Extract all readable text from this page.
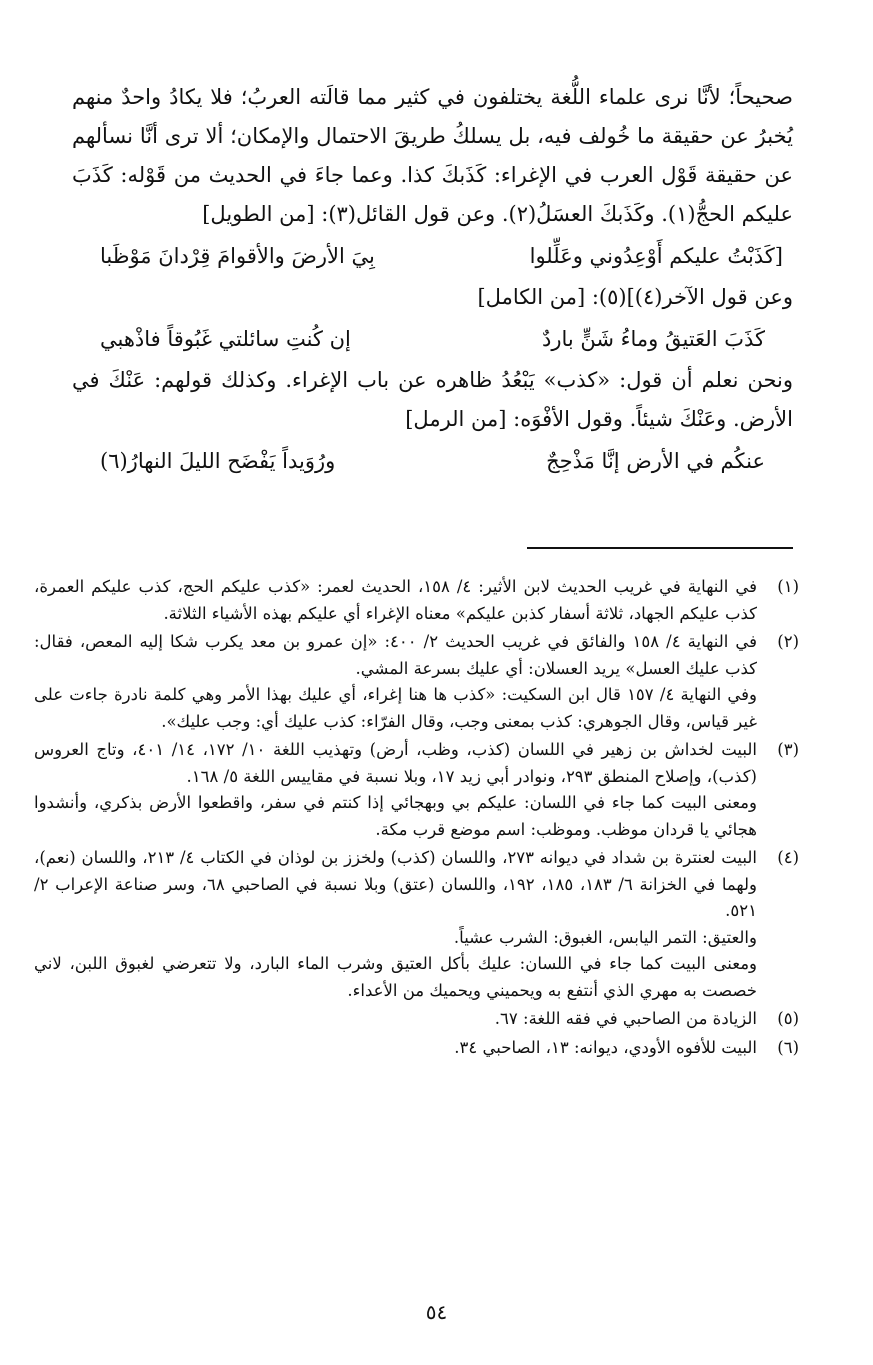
صحيحاً؛ لأنَّا نرى علماء اللُّغة يختلفون في كثير مما قالَته العربُ؛ فلا يكادُ واحدٌ منهم يُخبرُ عن حقيقة ما خُولف فيه، بل يسلكُ طريقَ الاحتمال والإمكان؛ ألا ترى أنَّا نسألهم عن حقيقة قَوْل العرب في الإغراء: كَذَبكَ كذا. وعما جاءَ في الحديث من قَوْله: كَذَبَ عليكم الحجُّ(١). وكَذَبكَ العسَلُ(٢). وعن قول القائل(٣): [من الطويل]

[كَذَبْتُ عليكم أَوْعِدُوني وعَلِّلوا
بِيَ الأرضَ والأقوامَ قِرْدانَ مَوْظَبا

وعن قول الآخر(٤)](٥): [من الكامل]

كَذَبَ العَتيقُ وماءُ شَنٍّ باردٌ
إن كُنتِ سائلتي غَبُوقاً فاذْهبي

ونحن نعلم أن قول: «كذب» يَبْعُدُ ظاهره عن باب الإغراء. وكذلك قولهم: عَنْكَ في الأرض. وعَنْكَ شيئاً. وقول الأفْوَه: [من الرمل]

عنكُم في الأرض إنَّا مَذْحِجٌ
ورُوَيداً يَفْضَح الليلَ النهارُ(٦)
(١)

في النهاية في غريب الحديث لابن الأثير: ٤/ ١٥٨، الحديث لعمر: «كذب عليكم الحج، كذب عليكم العمرة، كذب عليكم الجهاد، ثلاثة أسفار كذبن عليكم» معناه الإغراء أي عليكم بهذه الأشياء الثلاثة.

(٢)

في النهاية ٤/ ١٥٨ والفائق في غريب الحديث ٢/ ٤٠٠: «إن عمرو بن معد يكرب شكا إليه المعص، فقال: كذب عليك العسل» يريد العسلان: أي عليك بسرعة المشي.

وفي النهاية ٤/ ١٥٧ قال ابن السكيت: «كذب ها هنا إغراء، أي عليك بهذا الأمر وهي كلمة نادرة جاءت على غير قياس، وقال الجوهري: كذب بمعنى وجب، وقال الفرّاء: كذب عليك أي: وجب عليك».

(٣)

البيت لخداش بن زهير في اللسان (كذب، وظب، أرض) وتهذيب اللغة ١٠/ ١٧٢، ١٤/ ٤٠١، وتاج العروس (كذب)، وإصلاح المنطق ٢٩٣، ونوادر أبي زيد ١٧، وبلا نسبة في مقاييس اللغة ٥/ ١٦٨.

ومعنى البيت كما جاء في اللسان: عليكم بي وبهجائي إذا كنتم في سفر، واقطعوا الأرض بذكري، وأنشدوا هجائي يا قردان موظب. وموظب: اسم موضع قرب مكة.

(٤)

البيت لعنترة بن شداد في ديوانه ٢٧٣، واللسان (كذب) ولخزز بن لوذان في الكتاب ٤/ ٢١٣، واللسان (نعم)، ولهما في الخزانة ٦/ ١٨٣، ١٨٥، ١٩٢، واللسان (عتق) وبلا نسبة في الصاحبي ٦٨، وسر صناعة الإعراب ٢/ ٥٢١.

والعتيق: التمر اليابس، الغبوق: الشرب عشياً.

ومعنى البيت كما جاء في اللسان: عليك بأكل العتيق وشرب الماء البارد، ولا تتعرضي لغبوق اللبن، لاني خصصت به مهري الذي أنتفع به ويحميني ويحميك من الأعداء.

(٥)

الزيادة من الصاحبي في فقه اللغة: ٦٧.

(٦)

البيت للأفوه الأودي، ديوانه: ١٣، الصاحبي ٣٤.

٥٤
